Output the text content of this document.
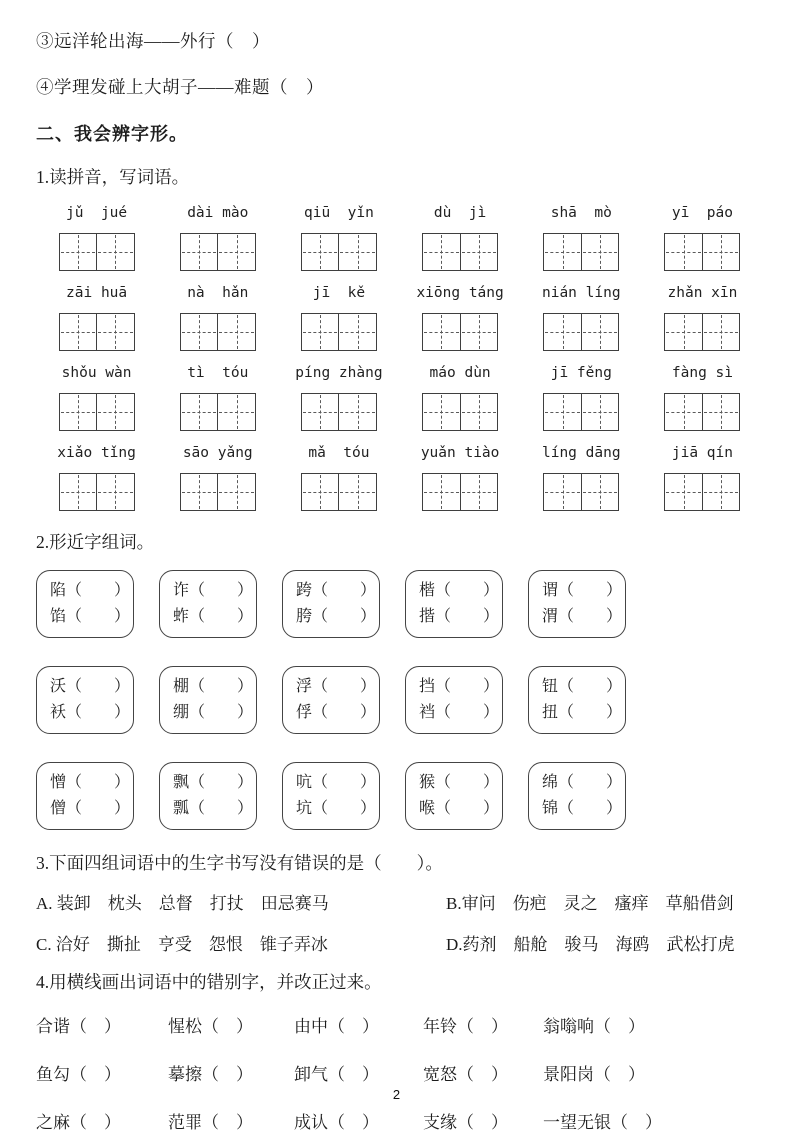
③远洋轮出海——外行（　）
④学理发碰上大胡子——难题（　）
二、我会辨字形。
1.读拼音，写词语。
jǔ  jué	dài mào	qiū  yǐn	dù  jì	shā  mò	yī  páo
zāi huā	nà  hǎn	jī  kě	xiōng táng	nián líng	zhǎn xīn
shǒu wàn	tì  tóu	píng zhàng	máo dùn	jī fěng	fàng sì
xiǎo tǐng	sāo yǎng	mǎ  tóu	yuǎn tiào	líng dāng	jiā qín
2.形近字组词。
陷（　　）
馅（　　）
诈（　　）
蚱（　　）
跨（　　）
胯（　　）
楷（　　）
揩（　　）
谓（　　）
渭（　　）
沃（　　）
袄（　　）
棚（　　）
绷（　　）
浮（　　）
俘（　　）
挡（　　）
裆（　　）
钮（　　）
扭（　　）
憎（　　）
僧（　　）
飘（　　）
瓢（　　）
吭（　　）
坑（　　）
猴（　　）
喉（　　）
绵（　　）
锦（　　）
3.下面四组词语中的生字书写没有错误的是（　　）。
A. 装卸　枕头　总督　打扙　田忌赛马	B.审问　伤疤　灵之　瘙痒　草船借剑
C. 洽好　撕扯　亨受　怨恨　锥子弄冰	D.药剂　船舱　骏马　海鸥　武松打虎
4.用横线画出词语中的错别字，并改正过来。
合谐（　）	惺松（　）	由中（　）	年铃（　）	翁嗡响（　）
鱼勾（　）	摹擦（　）	卸气（　）	宽怒（　）	景阳岗（　）
之麻（　）	范罪（　）	成认（　）	支缘（　）	一望无银（　）
2
